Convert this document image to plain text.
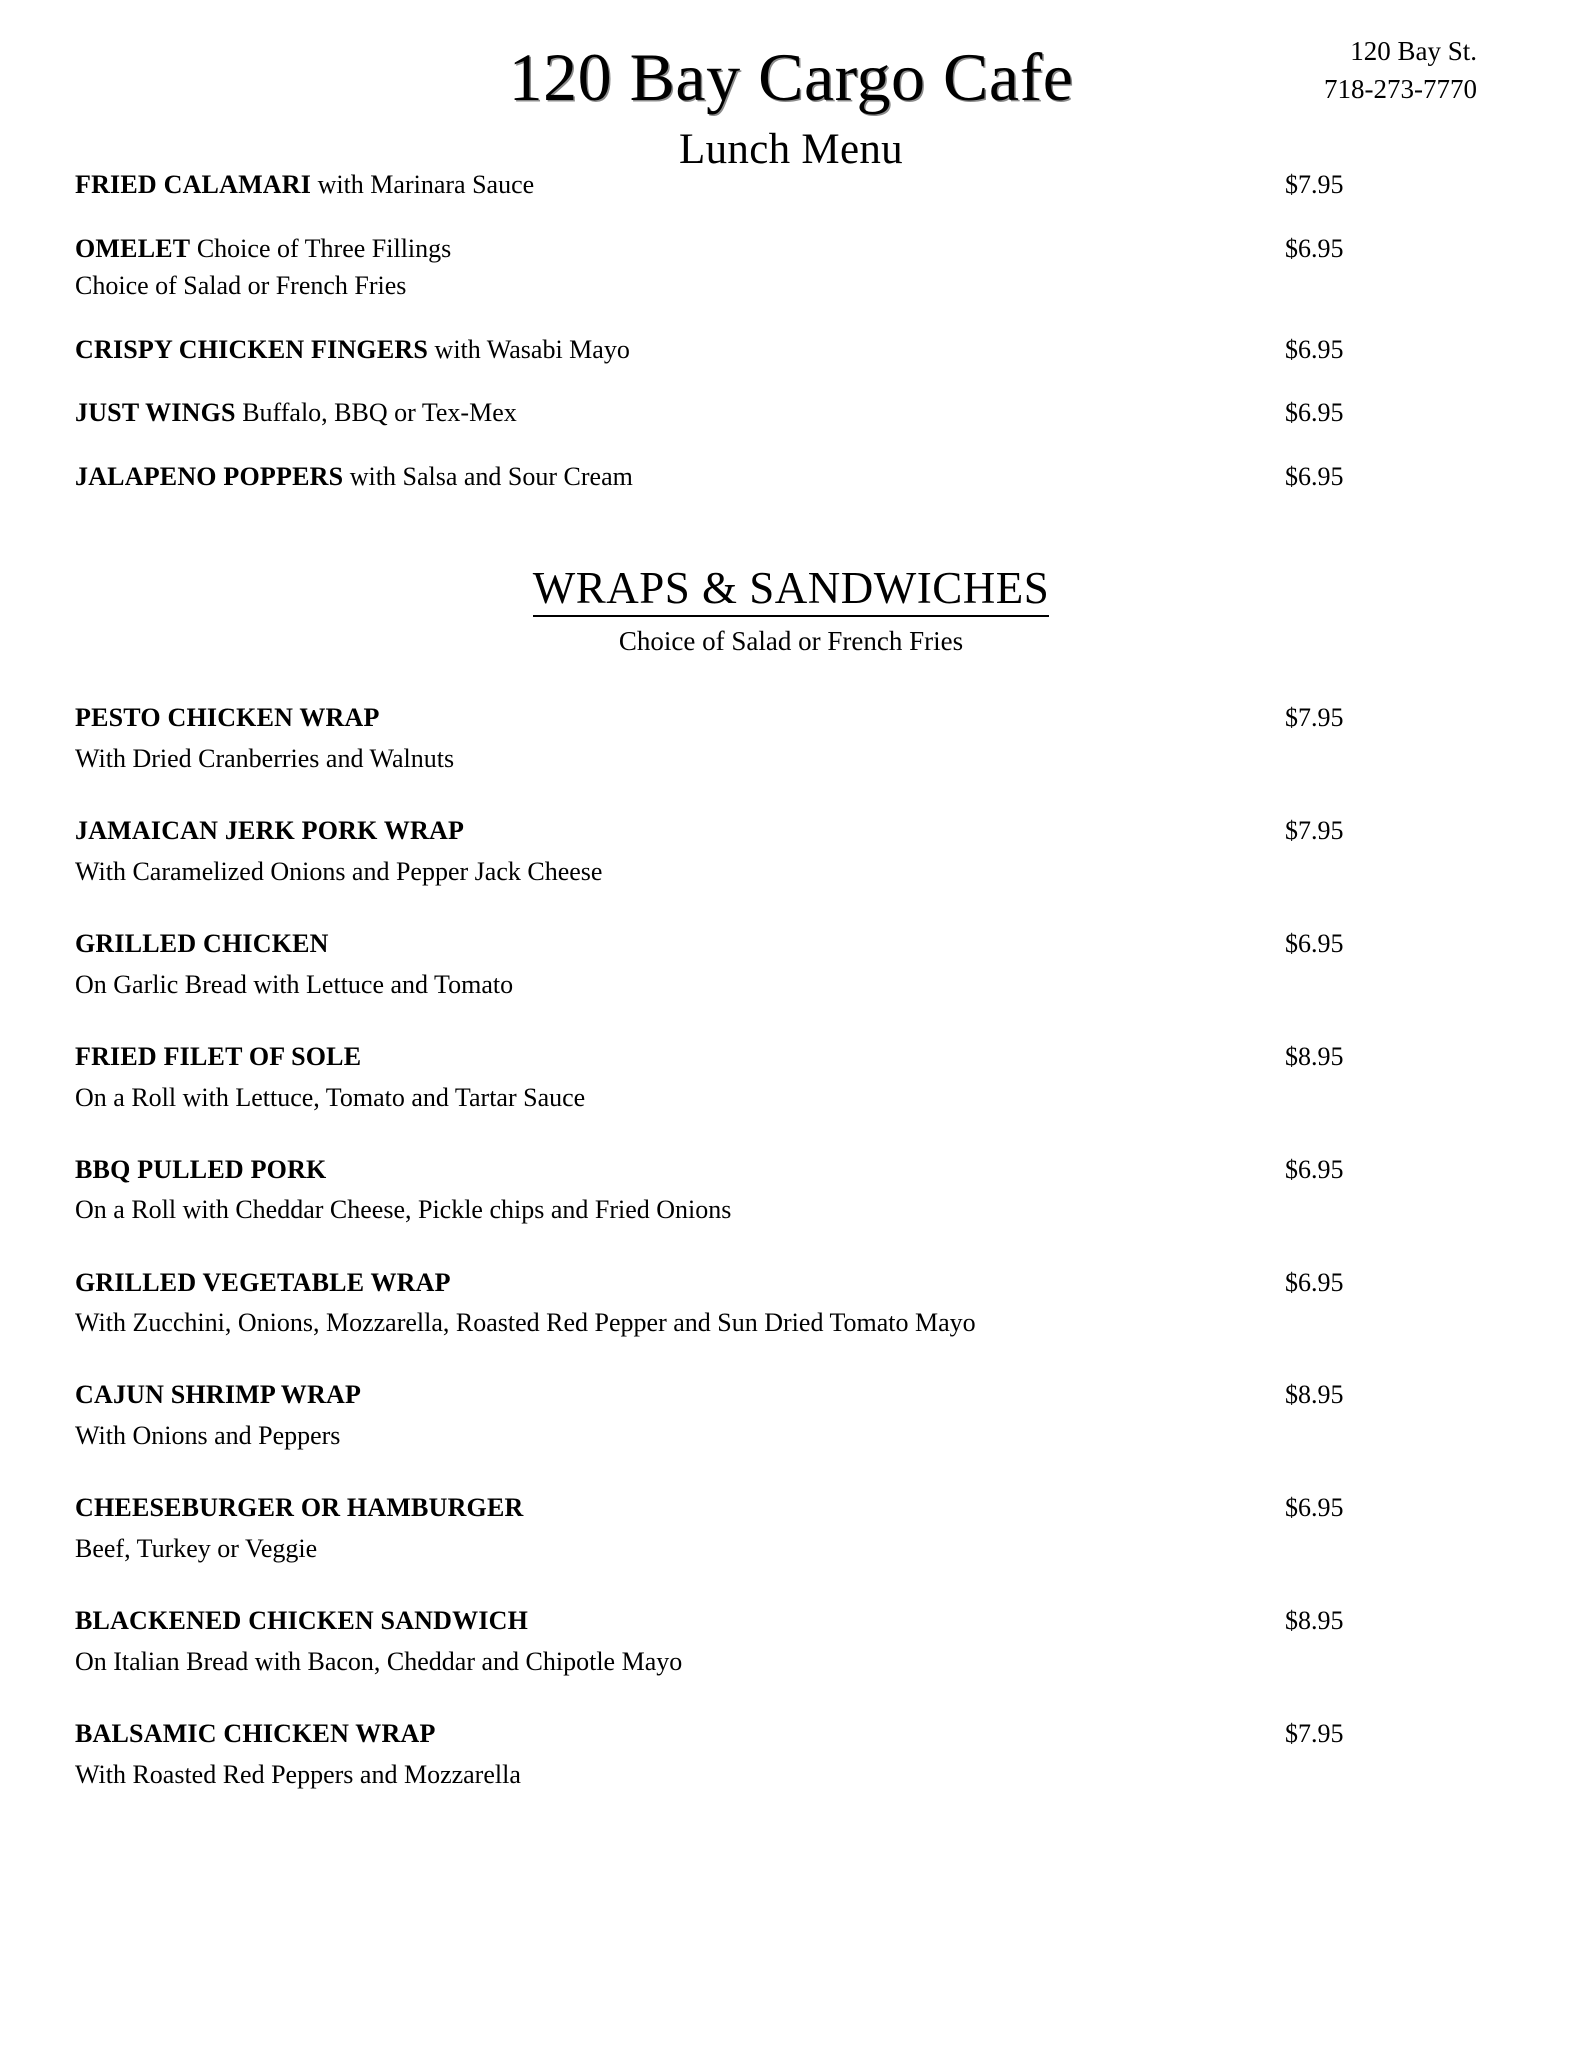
120 Bay St.
718-273-7770
120 Bay Cargo Cafe
Lunch Menu
FRIED CALAMARI with Marinara Sauce	$7.95
OMELET Choice of Three Fillings	$6.95
Choice of Salad or French Fries
CRISPY CHICKEN FINGERS with Wasabi Mayo	$6.95
JUST WINGS Buffalo, BBQ or Tex-Mex	$6.95
JALAPENO POPPERS with Salsa and Sour Cream	$6.95
WRAPS & SANDWICHES
Choice of Salad or French Fries
PESTO CHICKEN WRAP	$7.95
With Dried Cranberries and Walnuts
JAMAICAN JERK PORK WRAP	$7.95
With Caramelized Onions and Pepper Jack Cheese
GRILLED CHICKEN	$6.95
On Garlic Bread with Lettuce and Tomato
FRIED FILET OF SOLE	$8.95
On a Roll with Lettuce, Tomato and Tartar Sauce
BBQ PULLED PORK	$6.95
On a Roll with Cheddar Cheese, Pickle chips and Fried Onions
GRILLED VEGETABLE WRAP	$6.95
With Zucchini, Onions, Mozzarella, Roasted Red Pepper and Sun Dried Tomato Mayo
CAJUN SHRIMP WRAP	$8.95
With Onions and Peppers
CHEESEBURGER OR HAMBURGER	$6.95
Beef, Turkey or Veggie
BLACKENED CHICKEN SANDWICH	$8.95
On Italian Bread with Bacon, Cheddar and Chipotle Mayo
BALSAMIC CHICKEN WRAP	$7.95
With Roasted Red Peppers and Mozzarella
